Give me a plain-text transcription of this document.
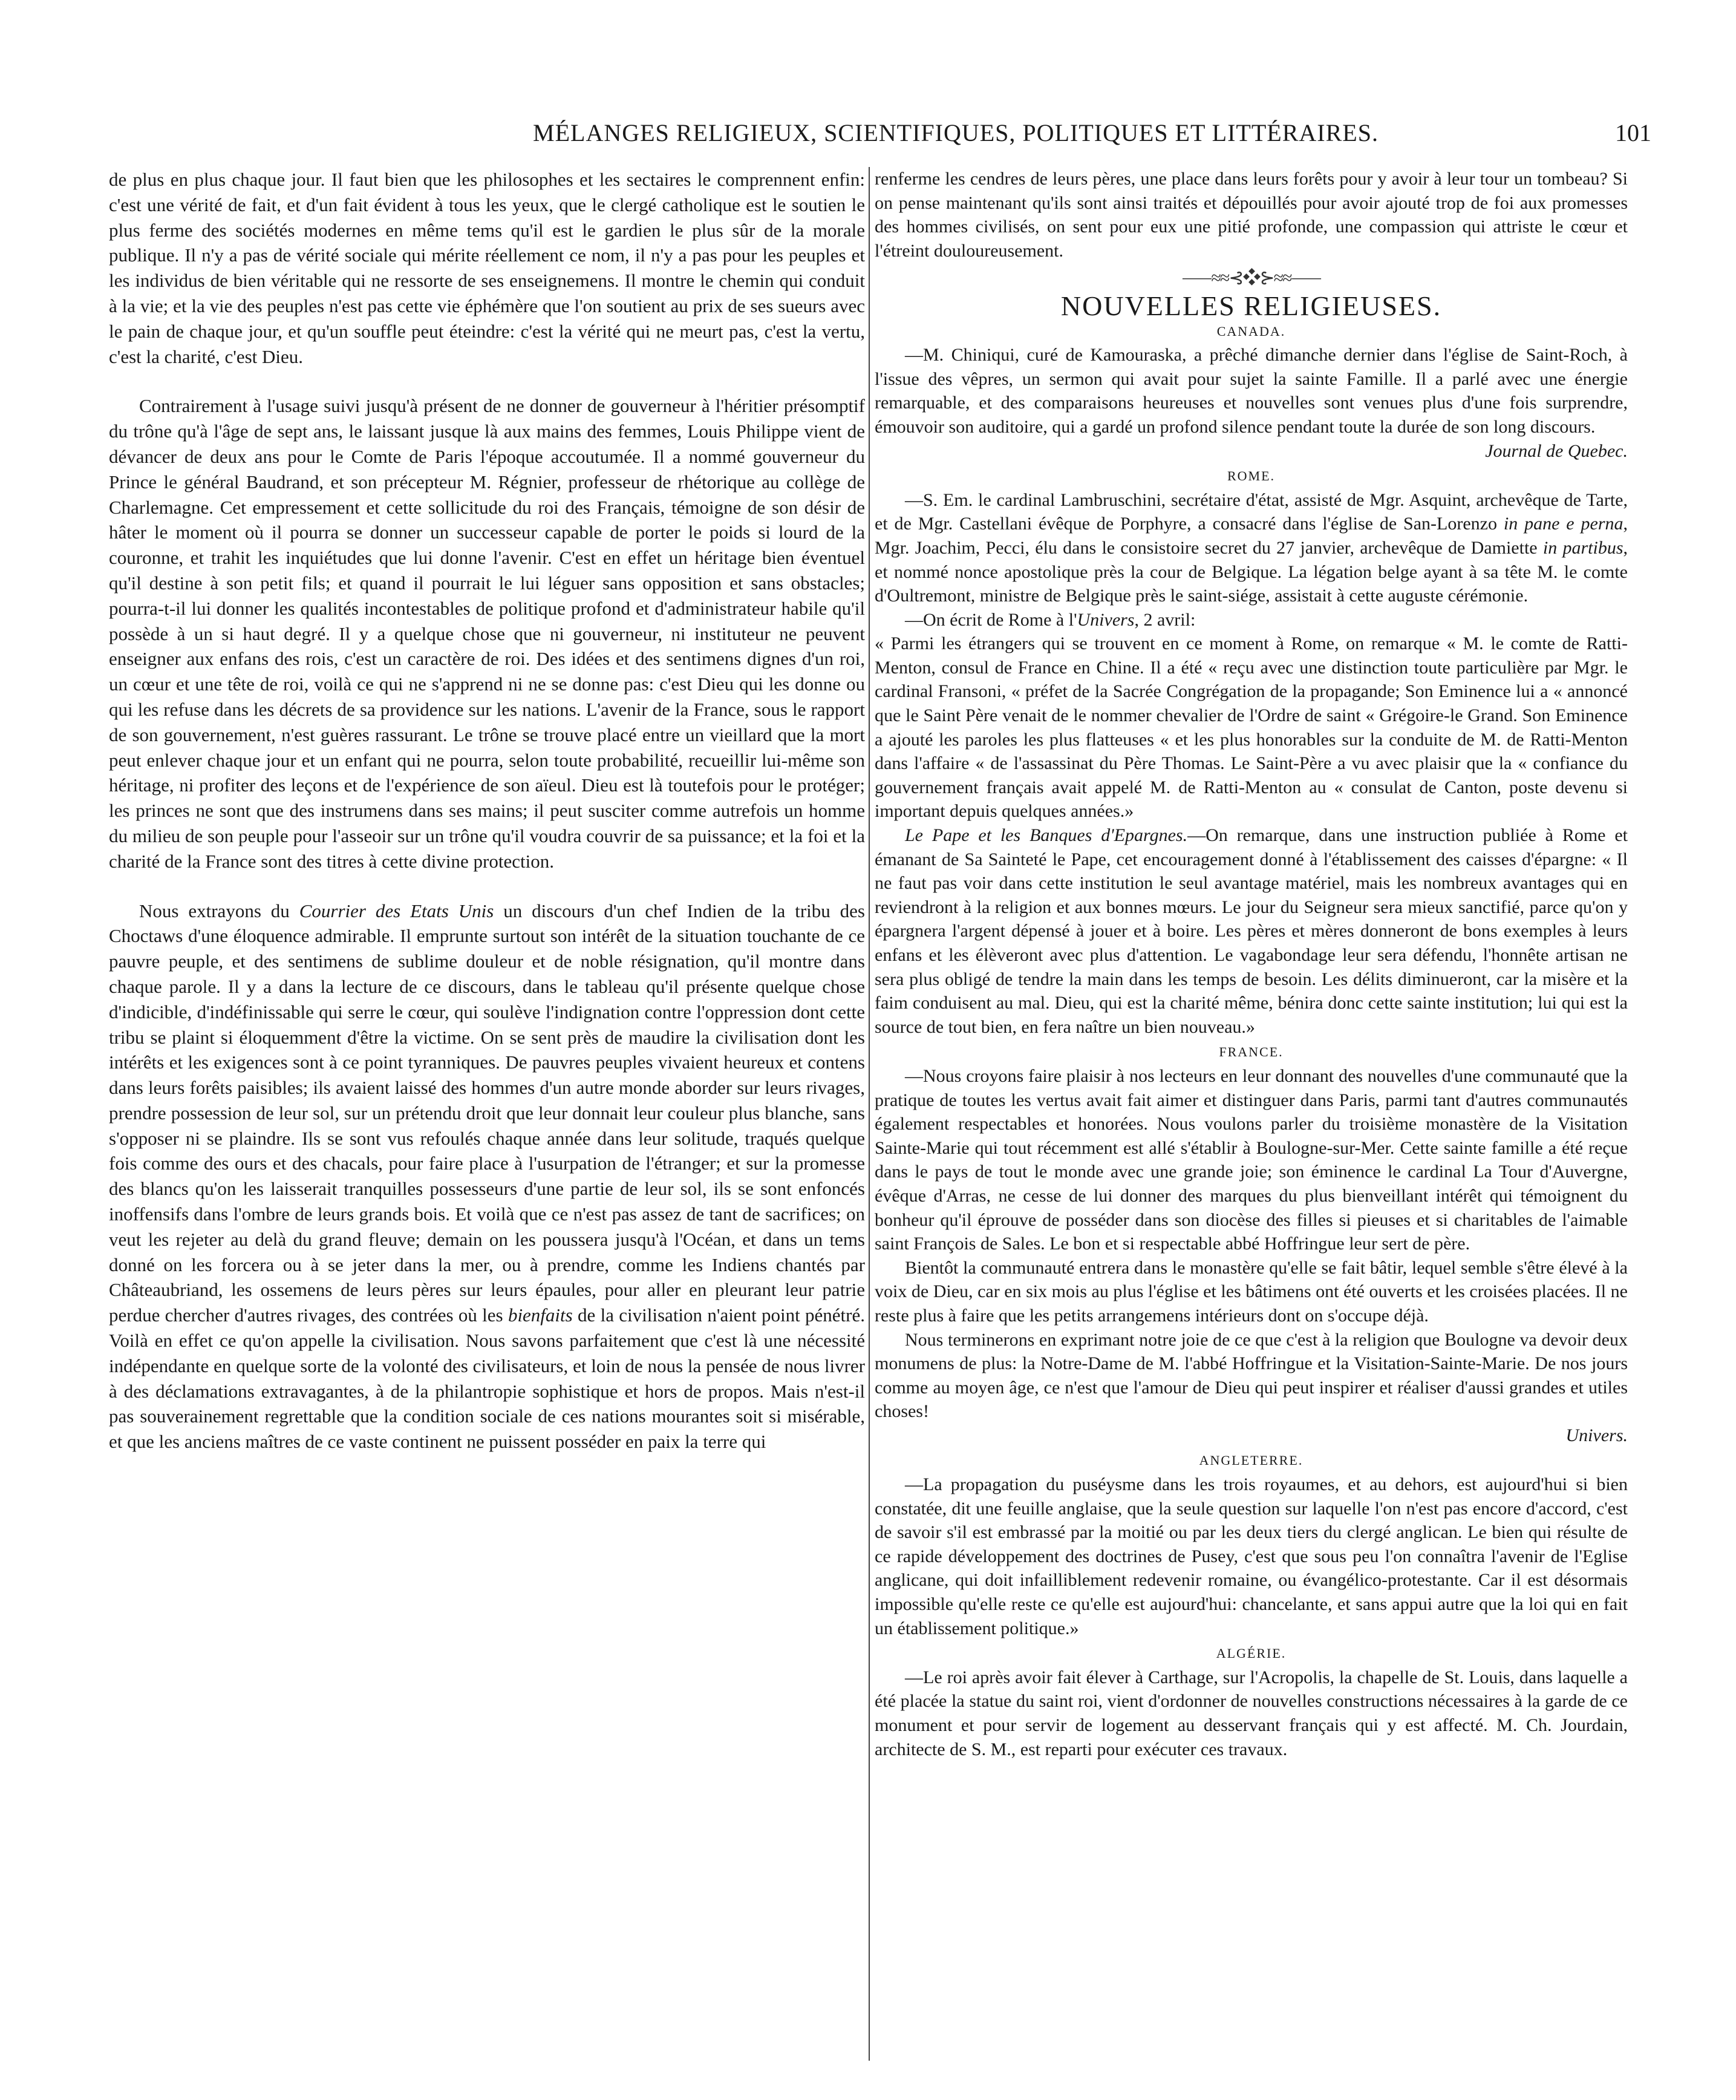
MÉLANGES RELIGIEUX, SCIENTIFIQUES, POLITIQUES ET LITTÉRAIRES.	101

de plus en plus chaque jour. Il faut bien que les philosophes et les sectaires le comprennent enfin: c'est une vérité de fait, et d'un fait évident à tous les yeux, que le clergé catholique est le soutien le plus ferme des sociétés modernes en même tems qu'il est le gardien le plus sûr de la morale publique. Il n'y a pas de vérité sociale qui mérite réellement ce nom, il n'y a pas pour les peuples et les individus de bien véritable qui ne ressorte de ses enseignemens. Il montre le chemin qui conduit à la vie; et la vie des peuples n'est pas cette vie éphémère que l'on soutient au prix de ses sueurs avec le pain de chaque jour, et qu'un souffle peut éteindre: c'est la vérité qui ne meurt pas, c'est la vertu, c'est la charité, c'est Dieu.

Contrairement à l'usage suivi jusqu'à présent de ne donner de gouverneur à l'héritier présomptif du trône qu'à l'âge de sept ans, le laissant jusque là aux mains des femmes, Louis Philippe vient de dévancer de deux ans pour le Comte de Paris l'époque accoutumée. Il a nommé gouverneur du Prince le général Baudrand, et son précepteur M. Régnier, professeur de rhétorique au collège de Charlemagne. Cet empressement et cette sollicitude du roi des Français, témoigne de son désir de hâter le moment où il pourra se donner un successeur capable de porter le poids si lourd de la couronne, et trahit les inquiétudes que lui donne l'avenir. C'est en effet un héritage bien éventuel qu'il destine à son petit fils; et quand il pourrait le lui léguer sans opposition et sans obstacles; pourra-t-il lui donner les qualités incontestables de politique profond et d'administrateur habile qu'il possède à un si haut degré. Il y a quelque chose que ni gouverneur, ni instituteur ne peuvent enseigner aux enfans des rois, c'est un caractère de roi. Des idées et des sentimens dignes d'un roi, un cœur et une tête de roi, voilà ce qui ne s'apprend ni ne se donne pas: c'est Dieu qui les donne ou qui les refuse dans les décrets de sa providence sur les nations. L'avenir de la France, sous le rapport de son gouvernement, n'est guères rassurant. Le trône se trouve placé entre un vieillard que la mort peut enlever chaque jour et un enfant qui ne pourra, selon toute probabilité, recueillir lui-même son héritage, ni profiter des leçons et de l'expérience de son aïeul. Dieu est là toutefois pour le protéger; les princes ne sont que des instrumens dans ses mains; il peut susciter comme autrefois un homme du milieu de son peuple pour l'asseoir sur un trône qu'il voudra couvrir de sa puissance; et la foi et la charité de la France sont des titres à cette divine protection.

Nous extrayons du Courrier des Etats Unis un discours d'un chef Indien de la tribu des Choctaws d'une éloquence admirable. Il emprunte surtout son intérêt de la situation touchante de ce pauvre peuple, et des sentimens de sublime douleur et de noble résignation, qu'il montre dans chaque parole. Il y a dans la lecture de ce discours, dans le tableau qu'il présente quelque chose d'indicible, d'indéfinissable qui serre le cœur, qui soulève l'indignation contre l'oppression dont cette tribu se plaint si éloquemment d'être la victime. On se sent près de maudire la civilisation dont les intérêts et les exigences sont à ce point tyranniques. De pauvres peuples vivaient heureux et contens dans leurs forêts paisibles; ils avaient laissé des hommes d'un autre monde aborder sur leurs rivages, prendre possession de leur sol, sur un prétendu droit que leur donnait leur couleur plus blanche, sans s'opposer ni se plaindre. Ils se sont vus refoulés chaque année dans leur solitude, traqués quelque fois comme des ours et des chacals, pour faire place à l'usurpation de l'étranger; et sur la promesse des blancs qu'on les laisserait tranquilles possesseurs d'une partie de leur sol, ils se sont enfoncés inoffensifs dans l'ombre de leurs grands bois. Et voilà que ce n'est pas assez de tant de sacrifices; on veut les rejeter au delà du grand fleuve; demain on les poussera jusqu'à l'Océan, et dans un tems donné on les forcera ou à se jeter dans la mer, ou à prendre, comme les Indiens chantés par Châteaubriand, les ossemens de leurs pères sur leurs épaules, pour aller en pleurant leur patrie perdue chercher d'autres rivages, des contrées où les bienfaits de la civilisation n'aient point pénétré. Voilà en effet ce qu'on appelle la civilisation. Nous savons parfaitement que c'est là une nécessité indépendante en quelque sorte de la volonté des civilisateurs, et loin de nous la pensée de nous livrer à des déclamations extravagantes, à de la philantropie sophistique et hors de propos. Mais n'est-il pas souverainement regrettable que la condition sociale de ces nations mourantes soit si misérable, et que les anciens maîtres de ce vaste continent ne puissent posséder en paix la terre qui

renferme les cendres de leurs pères, une place dans leurs forêts pour y avoir à leur tour un tombeau? Si on pense maintenant qu'ils sont ainsi traités et dépouillés pour avoir ajouté trop de foi aux promesses des hommes civilisés, on sent pour eux une pitié profonde, une compassion qui attriste le cœur et l'étreint douloureusement.

⸺≈≈⊰❖⊱≈≈⸺
NOUVELLES RELIGIEUSES.
CANADA.

—M. Chiniqui, curé de Kamouraska, a prêché dimanche dernier dans l'église de Saint-Roch, à l'issue des vêpres, un sermon qui avait pour sujet la sainte Famille. Il a parlé avec une énergie remarquable, et des comparaisons heureuses et nouvelles sont venues plus d'une fois surprendre, émouvoir son auditoire, qui a gardé un profond silence pendant toute la durée de son long discours.
Journal de Quebec.

ROME.

—S. Em. le cardinal Lambruschini, secrétaire d'état, assisté de Mgr. Asquint, archevêque de Tarte, et de Mgr. Castellani évêque de Porphyre, a consacré dans l'église de San-Lorenzo in pane e perna, Mgr. Joachim, Pecci, élu dans le consistoire secret du 27 janvier, archevêque de Damiette in partibus, et nommé nonce apostolique près la cour de Belgique. La légation belge ayant à sa tête M. le comte d'Oultremont, ministre de Belgique près le saint-siége, assistait à cette auguste cérémonie.

—On écrit de Rome à l'Univers, 2 avril:

« Parmi les étrangers qui se trouvent en ce moment à Rome, on remarque « M. le comte de Ratti-Menton, consul de France en Chine. Il a été « reçu avec une distinction toute particulière par Mgr. le cardinal Fransoni, « préfet de la Sacrée Congrégation de la propagande; Son Eminence lui a « annoncé que le Saint Père venait de le nommer chevalier de l'Ordre de saint « Grégoire-le Grand. Son Eminence a ajouté les paroles les plus flatteuses « et les plus honorables sur la conduite de M. de Ratti-Menton dans l'affaire « de l'assassinat du Père Thomas. Le Saint-Père a vu avec plaisir que la « confiance du gouvernement français avait appelé M. de Ratti-Menton au « consulat de Canton, poste devenu si important depuis quelques années.»

Le Pape et les Banques d'Epargnes.—On remarque, dans une instruction publiée à Rome et émanant de Sa Sainteté le Pape, cet encouragement donné à l'établissement des caisses d'épargne: « Il ne faut pas voir dans cette institution le seul avantage matériel, mais les nombreux avantages qui en reviendront à la religion et aux bonnes mœurs. Le jour du Seigneur sera mieux sanctifié, parce qu'on y épargnera l'argent dépensé à jouer et à boire. Les pères et mères donneront de bons exemples à leurs enfans et les élèveront avec plus d'attention. Le vagabondage leur sera défendu, l'honnête artisan ne sera plus obligé de tendre la main dans les temps de besoin. Les délits diminueront, car la misère et la faim conduisent au mal. Dieu, qui est la charité même, bénira donc cette sainte institution; lui qui est la source de tout bien, en fera naître un bien nouveau.»

FRANCE.

—Nous croyons faire plaisir à nos lecteurs en leur donnant des nouvelles d'une communauté que la pratique de toutes les vertus avait fait aimer et distinguer dans Paris, parmi tant d'autres communautés également respectables et honorées. Nous voulons parler du troisième monastère de la Visitation Sainte-Marie qui tout récemment est allé s'établir à Boulogne-sur-Mer. Cette sainte famille a été reçue dans le pays de tout le monde avec une grande joie; son éminence le cardinal La Tour d'Auvergne, évêque d'Arras, ne cesse de lui donner des marques du plus bienveillant intérêt qui témoignent du bonheur qu'il éprouve de posséder dans son diocèse des filles si pieuses et si charitables de l'aimable saint François de Sales. Le bon et si respectable abbé Hoffringue leur sert de père.

Bientôt la communauté entrera dans le monastère qu'elle se fait bâtir, lequel semble s'être élevé à la voix de Dieu, car en six mois au plus l'église et les bâtimens ont été ouverts et les croisées placées. Il ne reste plus à faire que les petits arrangemens intérieurs dont on s'occupe déjà.

Nous terminerons en exprimant notre joie de ce que c'est à la religion que Boulogne va devoir deux monumens de plus: la Notre-Dame de M. l'abbé Hoffringue et la Visitation-Sainte-Marie. De nos jours comme au moyen âge, ce n'est que l'amour de Dieu qui peut inspirer et réaliser d'aussi grandes et utiles choses!
Univers.

ANGLETERRE.

—La propagation du puséysme dans les trois royaumes, et au dehors, est aujourd'hui si bien constatée, dit une feuille anglaise, que la seule question sur laquelle l'on n'est pas encore d'accord, c'est de savoir s'il est embrassé par la moitié ou par les deux tiers du clergé anglican. Le bien qui résulte de ce rapide développement des doctrines de Pusey, c'est que sous peu l'on connaîtra l'avenir de l'Eglise anglicane, qui doit infailliblement redevenir romaine, ou évangélico-protestante. Car il est désormais impossible qu'elle reste ce qu'elle est aujourd'hui: chancelante, et sans appui autre que la loi qui en fait un établissement politique.»

ALGÉRIE.

—Le roi après avoir fait élever à Carthage, sur l'Acropolis, la chapelle de St. Louis, dans laquelle a été placée la statue du saint roi, vient d'ordonner de nouvelles constructions nécessaires à la garde de ce monument et pour servir de logement au desservant français qui y est affecté. M. Ch. Jourdain, architecte de S. M., est reparti pour exécuter ces travaux.
